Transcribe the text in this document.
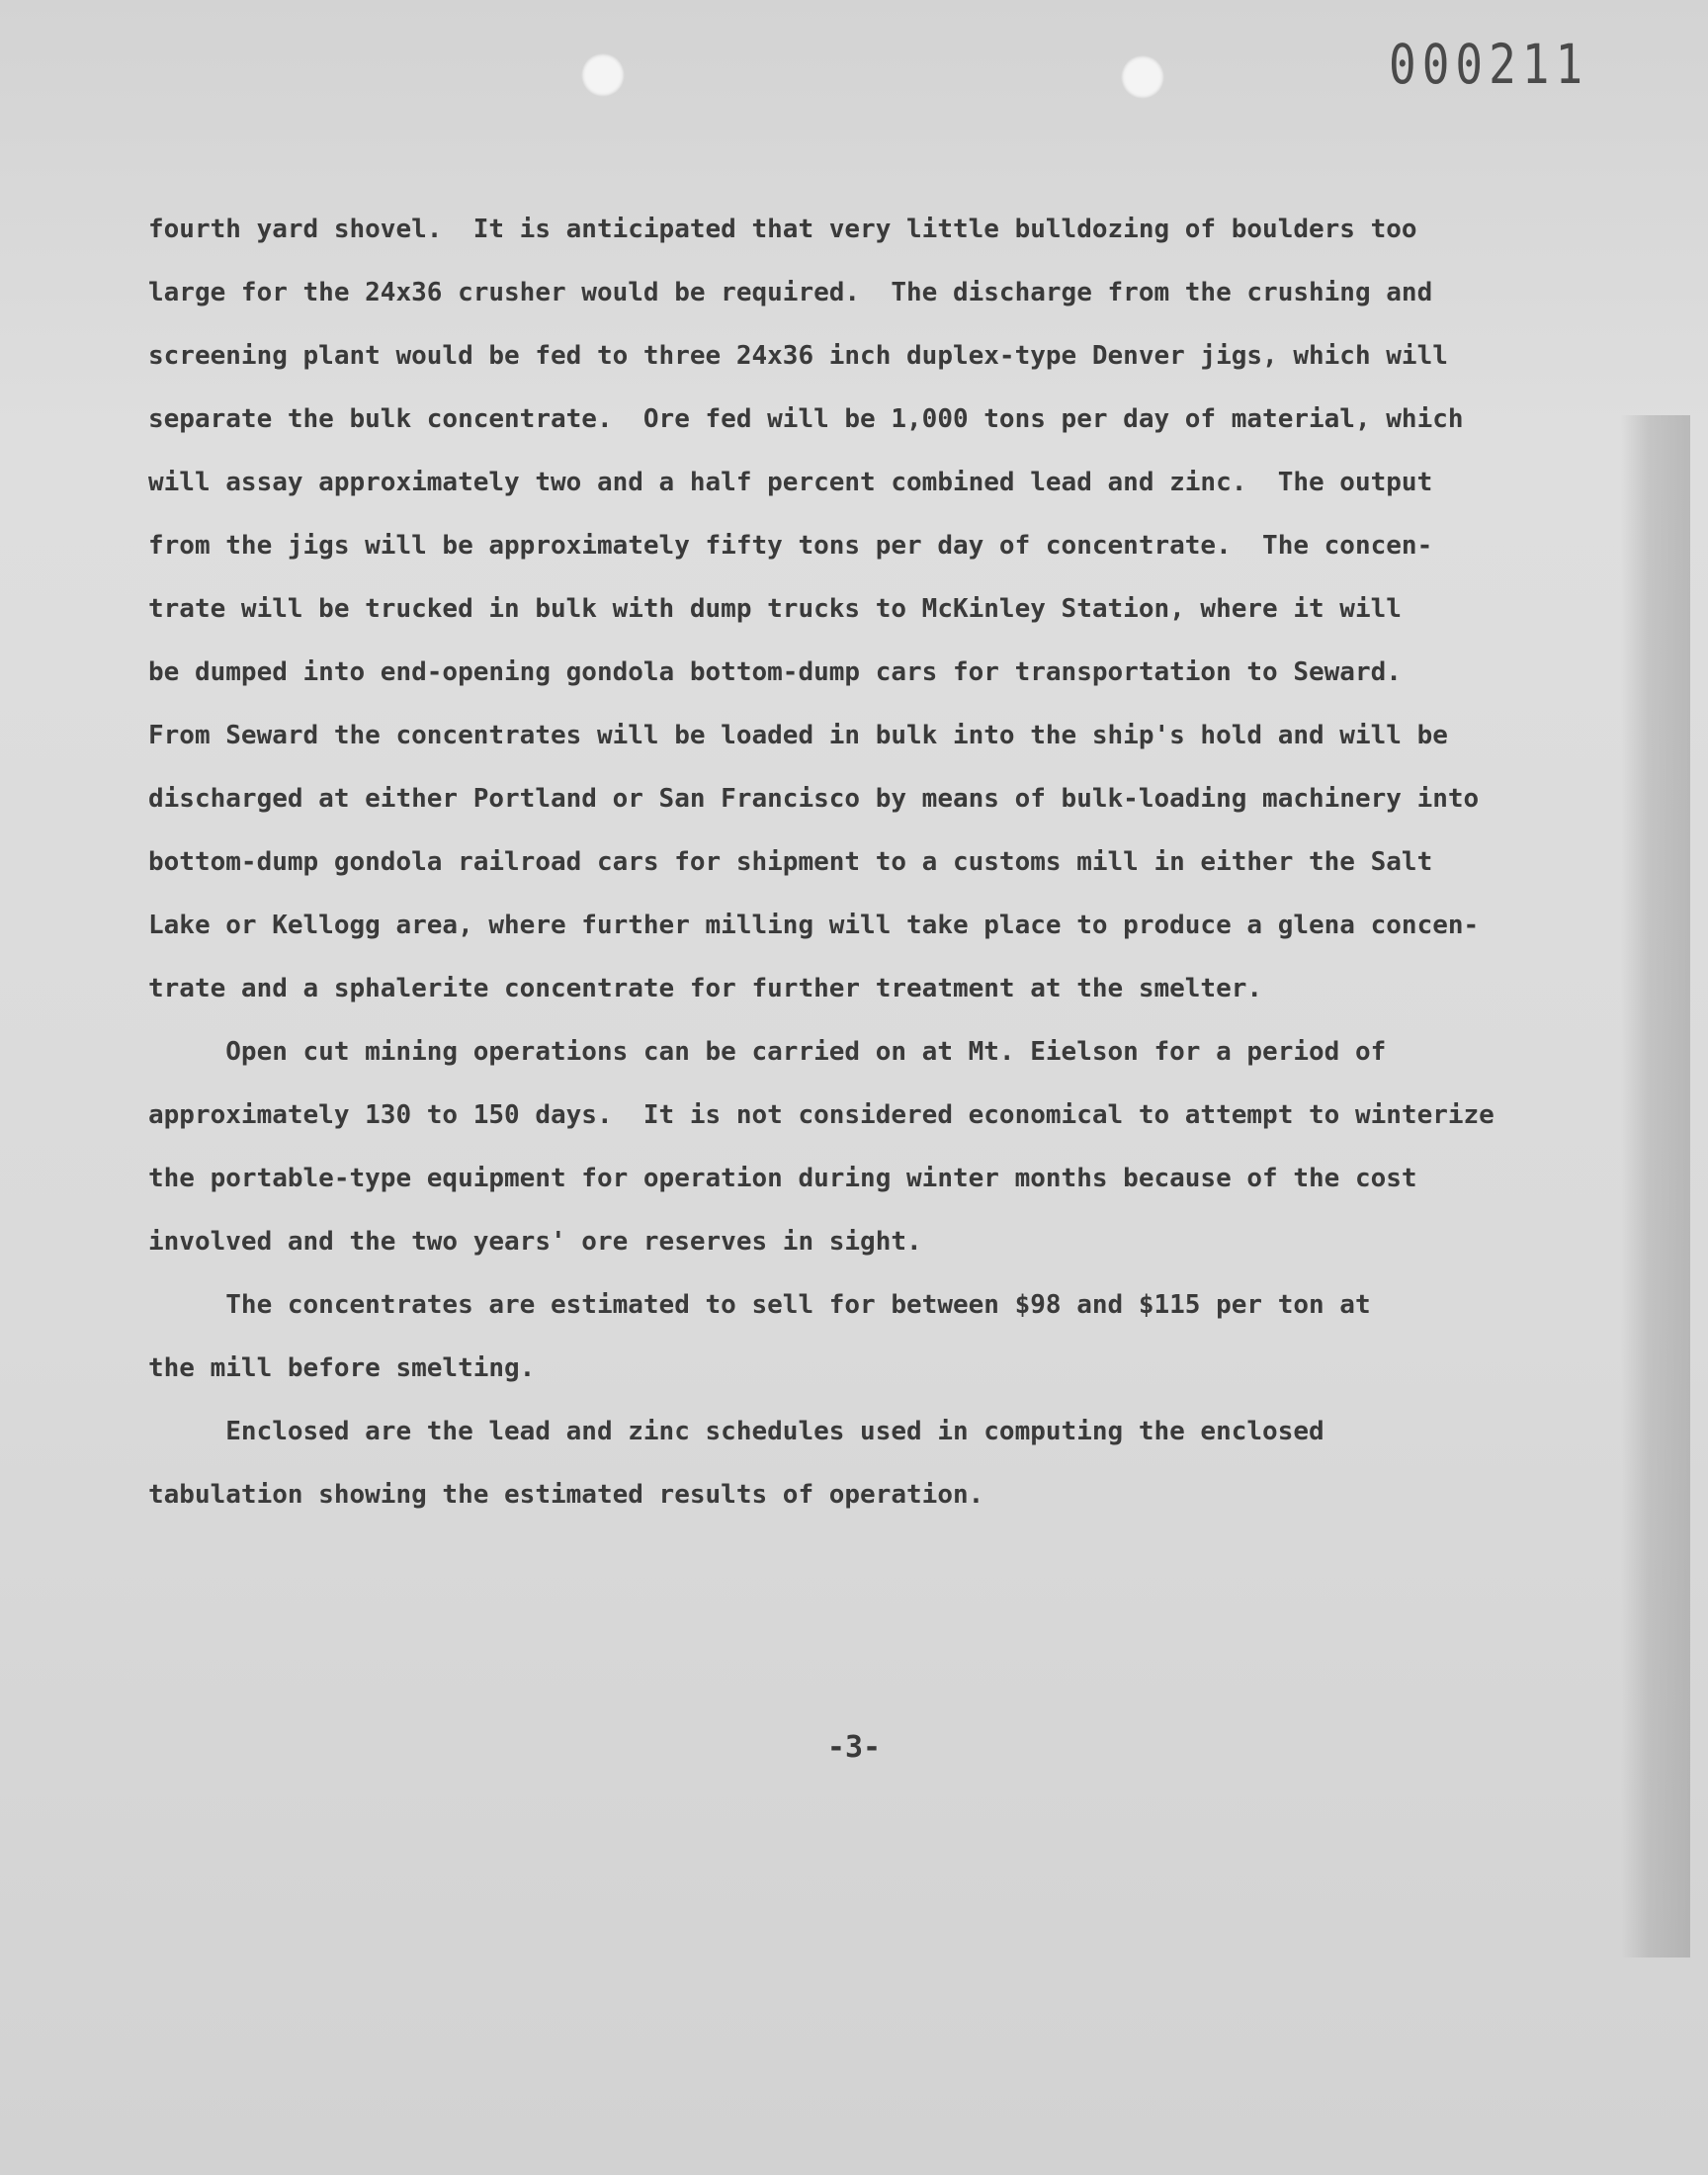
000211

fourth yard shovel.  It is anticipated that very little bulldozing of boulders too
large for the 24x36 crusher would be required.  The discharge from the crushing and
screening plant would be fed to three 24x36 inch duplex-type Denver jigs, which will
separate the bulk concentrate.  Ore fed will be 1,000 tons per day of material, which
will assay approximately two and a half percent combined lead and zinc.  The output
from the jigs will be approximately fifty tons per day of concentrate.  The concen-
trate will be trucked in bulk with dump trucks to McKinley Station, where it will
be dumped into end-opening gondola bottom-dump cars for transportation to Seward.
From Seward the concentrates will be loaded in bulk into the ship's hold and will be
discharged at either Portland or San Francisco by means of bulk-loading machinery into
bottom-dump gondola railroad cars for shipment to a customs mill in either the Salt
Lake or Kellogg area, where further milling will take place to produce a glena concen-
trate and a sphalerite concentrate for further treatment at the smelter.

Open cut mining operations can be carried on at Mt. Eielson for a period of
approximately 130 to 150 days.  It is not considered economical to attempt to winterize
the portable-type equipment for operation during winter months because of the cost
involved and the two years' ore reserves in sight.

The concentrates are estimated to sell for between $98 and $115 per ton at
the mill before smelting.

Enclosed are the lead and zinc schedules used in computing the enclosed
tabulation showing the estimated results of operation.

-3-
